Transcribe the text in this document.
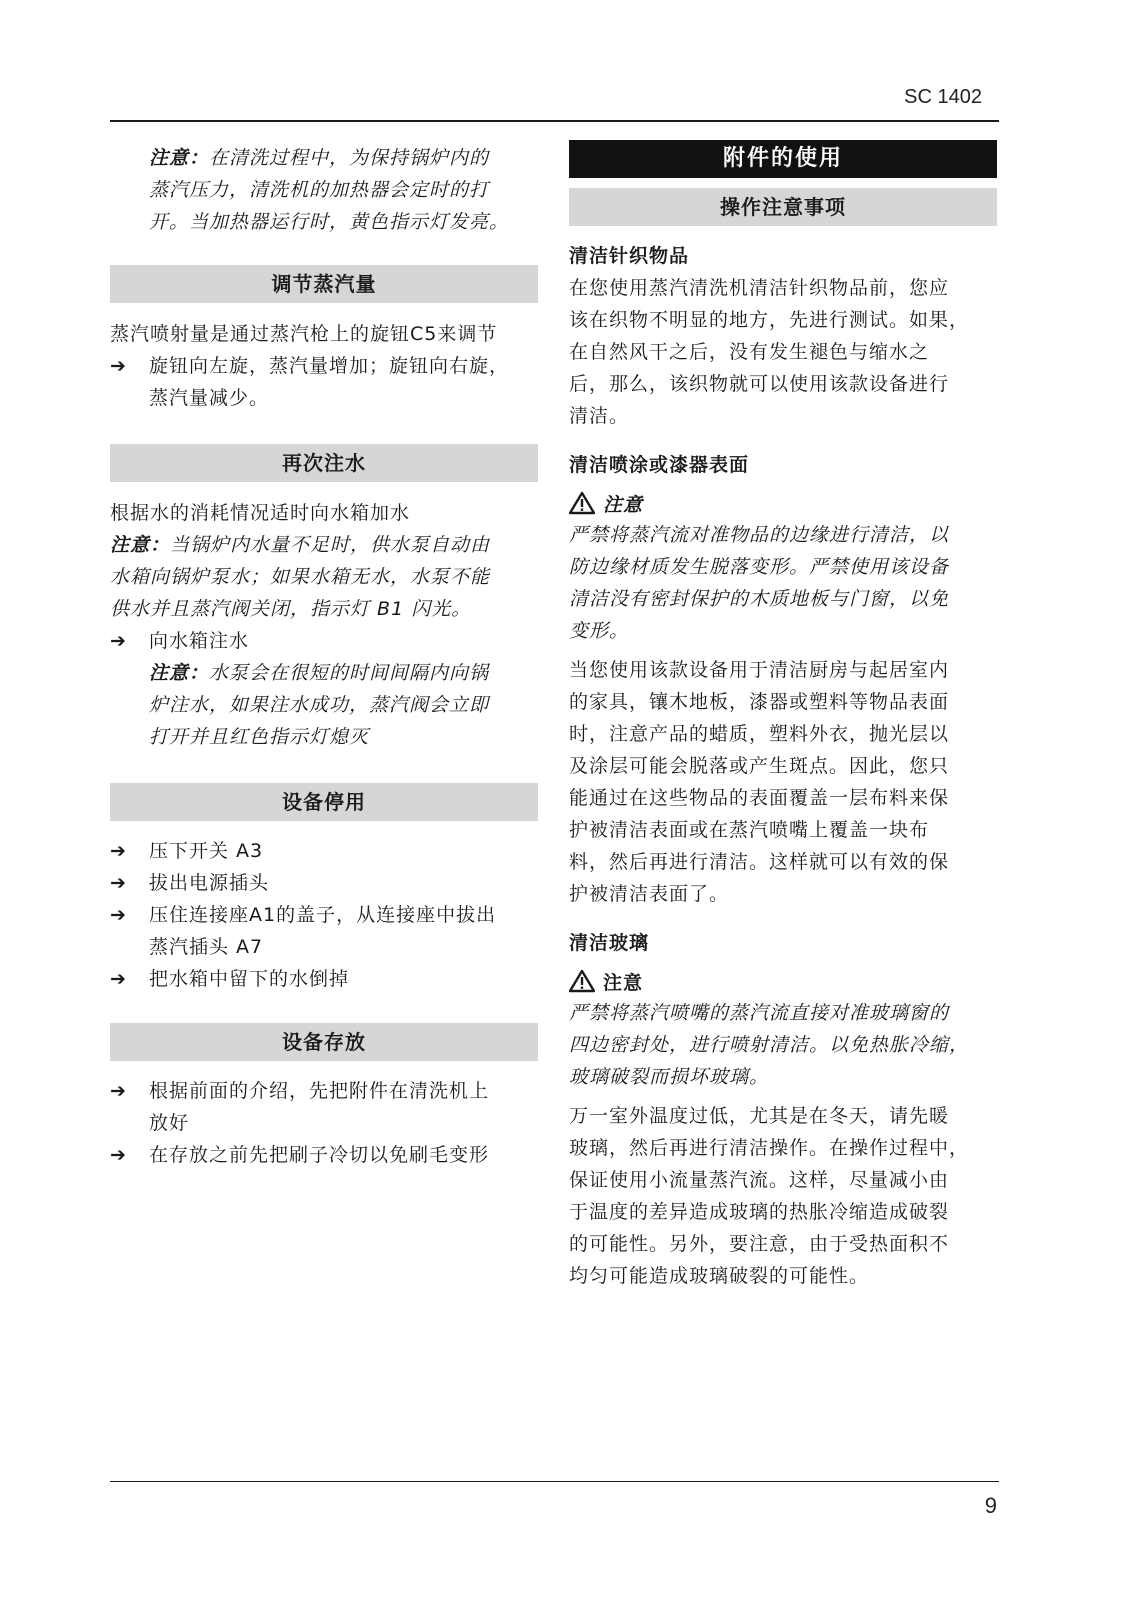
SC 1402

注意：在清洗过程中，为保持锅炉内的

蒸汽压力，清洗机的加热器会定时的打

开。当加热器运行时，黄色指示灯发亮。

调节蒸汽量

蒸汽喷射量是通过蒸汽枪上的旋钮C5来调节

➔	旋钮向左旋，蒸汽量增加；旋钮向右旋，

蒸汽量减少。

再次注水

根据水的消耗情况适时向水箱加水

注意：当锅炉内水量不足时，供水泵自动由

水箱向锅炉泵水；如果水箱无水，水泵不能

供水并且蒸汽阀关闭，指示灯 B1 闪光。

➔	向水箱注水

注意：水泵会在很短的时间间隔内向锅

炉注水，如果注水成功，蒸汽阀会立即

打开并且红色指示灯熄灭

设备停用
➔	压下开关 A3

➔	拔出电源插头

➔	压住连接座A1的盖子，从连接座中拔出

蒸汽插头 A7

➔	把水箱中留下的水倒掉

设备存放
➔	根据前面的介绍，先把附件在清洗机上

放好

➔	在存放之前先把刷子冷切以免刷毛变形

附件的使用
操作注意事项

清洁针织物品

在您使用蒸汽清洗机清洁针织物品前，您应

该在织物不明显的地方，先进行测试。如果，

在自然风干之后，没有发生褪色与缩水之

后，那么，该织物就可以使用该款设备进行

清洁。

清洁喷涂或漆器表面

注意

严禁将蒸汽流对准物品的边缘进行清洁，以

防边缘材质发生脱落变形。严禁使用该设备

清洁没有密封保护的木质地板与门窗，以免

变形。

当您使用该款设备用于清洁厨房与起居室内

的家具，镶木地板，漆器或塑料等物品表面

时，注意产品的蜡质，塑料外衣，抛光层以

及涂层可能会脱落或产生斑点。因此，您只

能通过在这些物品的表面覆盖一层布料来保

护被清洁表面或在蒸汽喷嘴上覆盖一块布

料，然后再进行清洁。这样就可以有效的保

护被清洁表面了。

清洁玻璃

注意

严禁将蒸汽喷嘴的蒸汽流直接对准玻璃窗的

四边密封处，进行喷射清洁。以免热胀冷缩，

玻璃破裂而损坏玻璃。

万一室外温度过低，尤其是在冬天，请先暖

玻璃，然后再进行清洁操作。在操作过程中，

保证使用小流量蒸汽流。这样，尽量减小由

于温度的差异造成玻璃的热胀冷缩造成破裂

的可能性。另外，要注意，由于受热面积不

均匀可能造成玻璃破裂的可能性。

9
